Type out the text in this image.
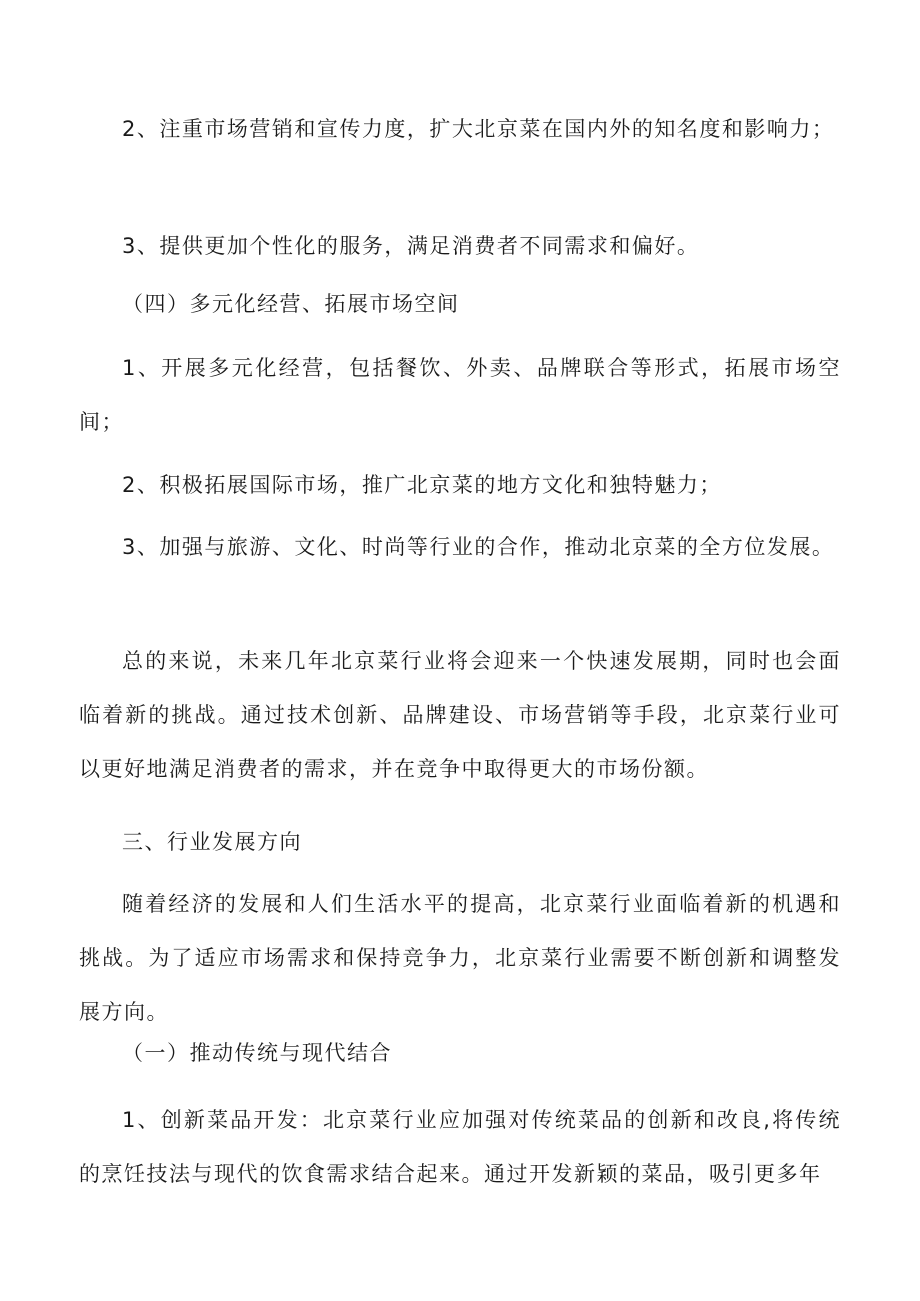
2、注重市场营销和宣传力度，扩大北京菜在国内外的知名度和影响力；

3、提供更加个性化的服务，满足消费者不同需求和偏好。

（四）多元化经营、拓展市场空间

1、开展多元化经营，包括餐饮、外卖、品牌联合等形式，拓展市场空间；

2、积极拓展国际市场，推广北京菜的地方文化和独特魅力；

3、加强与旅游、文化、时尚等行业的合作，推动北京菜的全方位发展。

总的来说，未来几年北京菜行业将会迎来一个快速发展期，同时也会面临着新的挑战。通过技术创新、品牌建设、市场营销等手段，北京菜行业可以更好地满足消费者的需求，并在竞争中取得更大的市场份额。

三、行业发展方向

随着经济的发展和人们生活水平的提高，北京菜行业面临着新的机遇和挑战。为了适应市场需求和保持竞争力，北京菜行业需要不断创新和调整发展方向。

（一）推动传统与现代结合

1、创新菜品开发：北京菜行业应加强对传统菜品的创新和改良,将传统的烹饪技法与现代的饮食需求结合起来。通过开发新颖的菜品，吸引更多年
